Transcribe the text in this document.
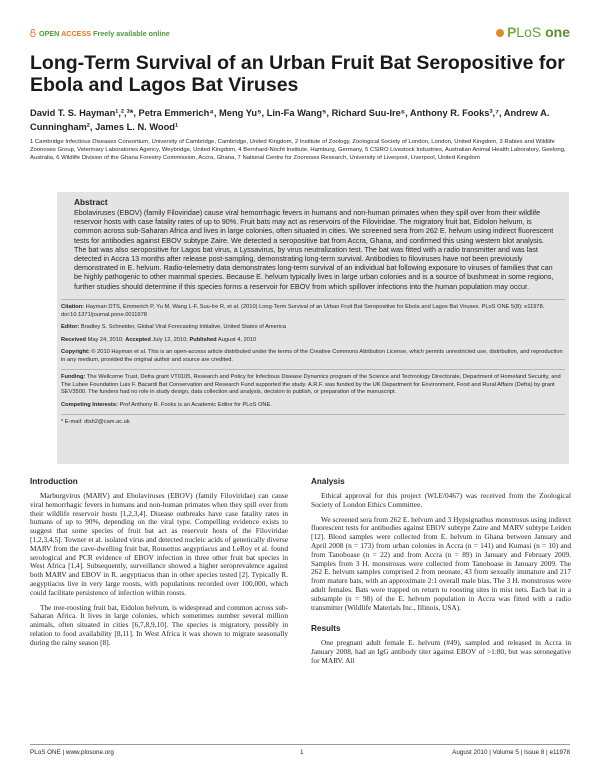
OPEN ACCESS Freely available online	PLoS one
Long-Term Survival of an Urban Fruit Bat Seropositive for Ebola and Lagos Bat Viruses
David T. S. Hayman¹,²,³*, Petra Emmerich⁴, Meng Yu⁵, Lin-Fa Wang⁵, Richard Suu-Ire⁶, Anthony R. Fooks³,⁷, Andrew A. Cunningham², James L. N. Wood¹
1 Cambridge Infectious Diseases Consortium, University of Cambridge, Cambridge, United Kingdom, 2 Institute of Zoology, Zoological Society of London, London, United Kingdom, 3 Rabies and Wildlife Zoonoses Group, Veterinary Laboratories Agency, Weybridge, United Kingdom, 4 Bernhard-Nocht Institute, Hamburg, Germany, 5 CSIRO Livestock Industries, Australian Animal Health Laboratory, Geelong, Australia, 6 Wildlife Division of the Ghana Forestry Commission, Accra, Ghana, 7 National Centre for Zoonoses Research, University of Liverpool, Liverpool, United Kingdom
Abstract
Ebolaviruses (EBOV) (family Filoviridae) cause viral hemorrhagic fevers in humans and non-human primates when they spill over from their wildlife reservoir hosts with case fatality rates of up to 90%. Fruit bats may act as reservoirs of the Filoviridae. The migratory fruit bat, Eidolon helvum, is common across sub-Saharan Africa and lives in large colonies, often situated in cities. We screened sera from 262 E. helvum using indirect fluorescent tests for antibodies against EBOV subtype Zaire. We detected a seropositive bat from Accra, Ghana, and confirmed this using western blot analysis. The bat was also seropositive for Lagos bat virus, a Lyssavirus, by virus neutralization test. The bat was fitted with a radio transmitter and was last detected in Accra 13 months after release post-sampling, demonstrating long-term survival. Antibodies to filoviruses have not been previously demonstrated in E. helvum. Radio-telemetry data demonstrates long-term survival of an individual bat following exposure to viruses of families that can be highly pathogenic to other mammal species. Because E. helvum typically lives in large urban colonies and is a source of bushmeat in some regions, further studies should determine if this species forms a reservoir for EBOV from which spillover infections into the human population may occur.

Citation: Hayman DTS, Emmerich P, Yu M, Wang L-F, Suu-Ire R, et al. (2010) Long-Term Survival of an Urban Fruit Bat Seropositive for Ebola and Lagos Bat Viruses. PLoS ONE 5(8): e11978. doi:10.1371/journal.pone.0011978

Editor: Bradley S. Schneider, Global Viral Forecasting Initiative, United States of America

Received May 24, 2010; Accepted July 12, 2010; Published August 4, 2010

Copyright: © 2010 Hayman et al. This is an open-access article distributed under the terms of the Creative Commons Attribution License, which permits unrestricted use, distribution, and reproduction in any medium, provided the original author and source are credited.

Funding: The Wellcome Trust, Defra grant VT0105, Research and Policy for Infectious Disease Dynamics program of the Science and Technology Directorate, Department of Homeland Security, and The Lubee Foundation Luis F. Bacardi Bat Conservation and Research Fund supported the study. A.R.F. was funded by the UK Department for Environment, Food and Rural Affairs (Defra) by grant SEV3500. The funders had no role in study design, data collection and analysis, decision to publish, or preparation of the manuscript.

Competing Interests: Prof Anthony R. Fooks is an Academic Editor for PLoS ONE.

* E-mail: dtsh2@cam.ac.uk

Introduction

Marburgvirus (MARV) and Ebolaviruses (EBOV) (family Filoviridae) can cause viral hemorrhagic fevers in humans and non-human primates when they spill over from their wildlife reservoir hosts [1,2,3,4]. Disease outbreaks have case fatality rates in humans of up to 90%, depending on the viral type. Compelling evidence exists to suggest that some species of fruit bat act as reservoir hosts of the Filoviridae [1,2,3,4,5]. Towner et al. isolated virus and detected nucleic acids of genetically diverse MARV from the cave-dwelling fruit bat, Rousettus aegyptiacus and LeRoy et al. found serological and PCR evidence of EBOV infection in three other fruit bat species in West Africa [1,4]. Subsequently, surveillance showed a higher seroprevalence against both MARV and EBOV in R. aegyptiacus than in other species tested [2]. Typically R. aegyptiacus live in very large roosts, with populations recorded over 100,000, which could facilitate persistence of infection within roosts.

The tree-roosting fruit bat, Eidolon helvum, is widespread and common across sub-Saharan Africa. It lives in large colonies, which sometimes number several million animals, often situated in cities [6,7,8,9,10]. The species is migratory, possibly in relation to food availability [8,11]. In West Africa it was shown to migrate seasonally during the rainy season [8].

Analysis

Ethical approval for this project (WLE/0467) was received from the Zoological Society of London Ethics Committee.

We screened sera from 262 E. helvum and 3 Hypsignathus monstrosus using indirect fluorescent tests for antibodies against EBOV subtype Zaire and MARV subtype Leiden [12]. Blood samples were collected from E. helvum in Ghana between January and April 2008 (n = 173) from urban colonies in Accra (n = 141) and Kumasi (n = 10) and from Tanoboase (n = 22) and from Accra (n = 89) in January and February 2009. Samples from 3 H. monstrosus were collected from Tanoboase in January 2009. The 262 E. helvum samples comprised 2 from neonate, 43 from sexually immature and 217 from mature bats, with an approximate 2:1 overall male bias. The 3 H. monstrosus were adult females. Bats were trapped on return to roosting sites in mist nets. Each bat in a subsample (n = 98) of the E. helvum population in Accra was fitted with a radio transmitter (Wildlife Materials Inc., Illinois, USA).

Results

One pregnant adult female E. helvum (#49), sampled and released in Accra in January 2008, had an IgG antibody titer against EBOV of >1:80, but was seronegative for MARV. All

PLoS ONE | www.plosone.org	1	August 2010 | Volume 5 | Issue 8 | e11978
